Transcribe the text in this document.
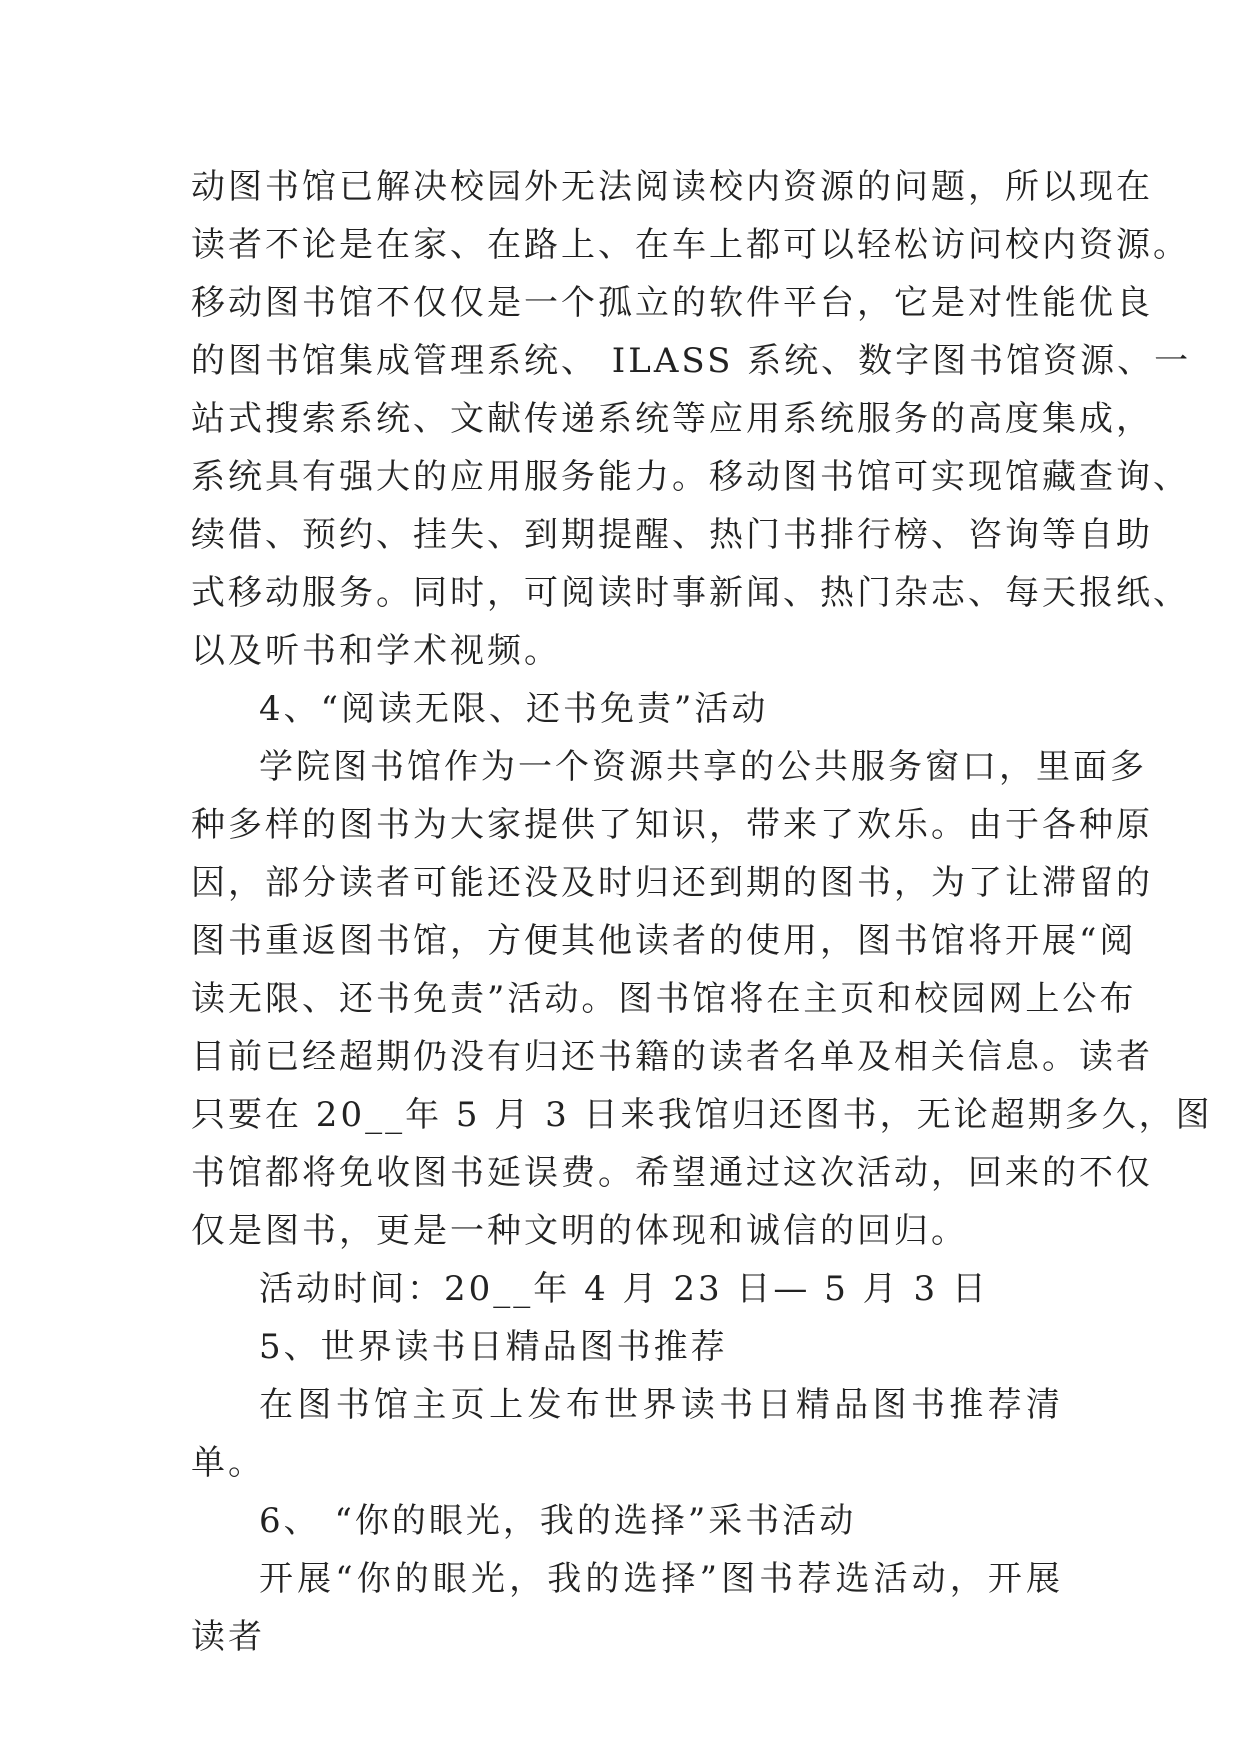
动图书馆已解决校园外无法阅读校内资源的问题，所以现在
读者不论是在家、在路上、在车上都可以轻松访问校内资源。
移动图书馆不仅仅是一个孤立的软件平台，它是对性能优良
的图书馆集成管理系统、 ILASS 系统、数字图书馆资源、一
站式搜索系统、文献传递系统等应用系统服务的高度集成，
系统具有强大的应用服务能力。移动图书馆可实现馆藏查询、
续借、预约、挂失、到期提醒、热门书排行榜、咨询等自助
式移动服务。同时，可阅读时事新闻、热门杂志、每天报纸、
以及听书和学术视频。
4、“阅读无限、还书免责”活动
学院图书馆作为一个资源共享的公共服务窗口，里面多
种多样的图书为大家提供了知识，带来了欢乐。由于各种原
因，部分读者可能还没及时归还到期的图书，为了让滞留的
图书重返图书馆，方便其他读者的使用，图书馆将开展“阅
读无限、还书免责”活动。图书馆将在主页和校园网上公布
目前已经超期仍没有归还书籍的读者名单及相关信息。读者
只要在 20__年 5 月 3 日来我馆归还图书，无论超期多久，图
书馆都将免收图书延误费。希望通过这次活动，回来的不仅
仅是图书，更是一种文明的体现和诚信的回归。
活动时间：20__年 4 月 23 日— 5 月 3 日
5、世界读书日精品图书推荐
在图书馆主页上发布世界读书日精品图书推荐清单。
6、 “你的眼光，我的选择”采书活动
开展“你的眼光，我的选择”图书荐选活动，开展读者
